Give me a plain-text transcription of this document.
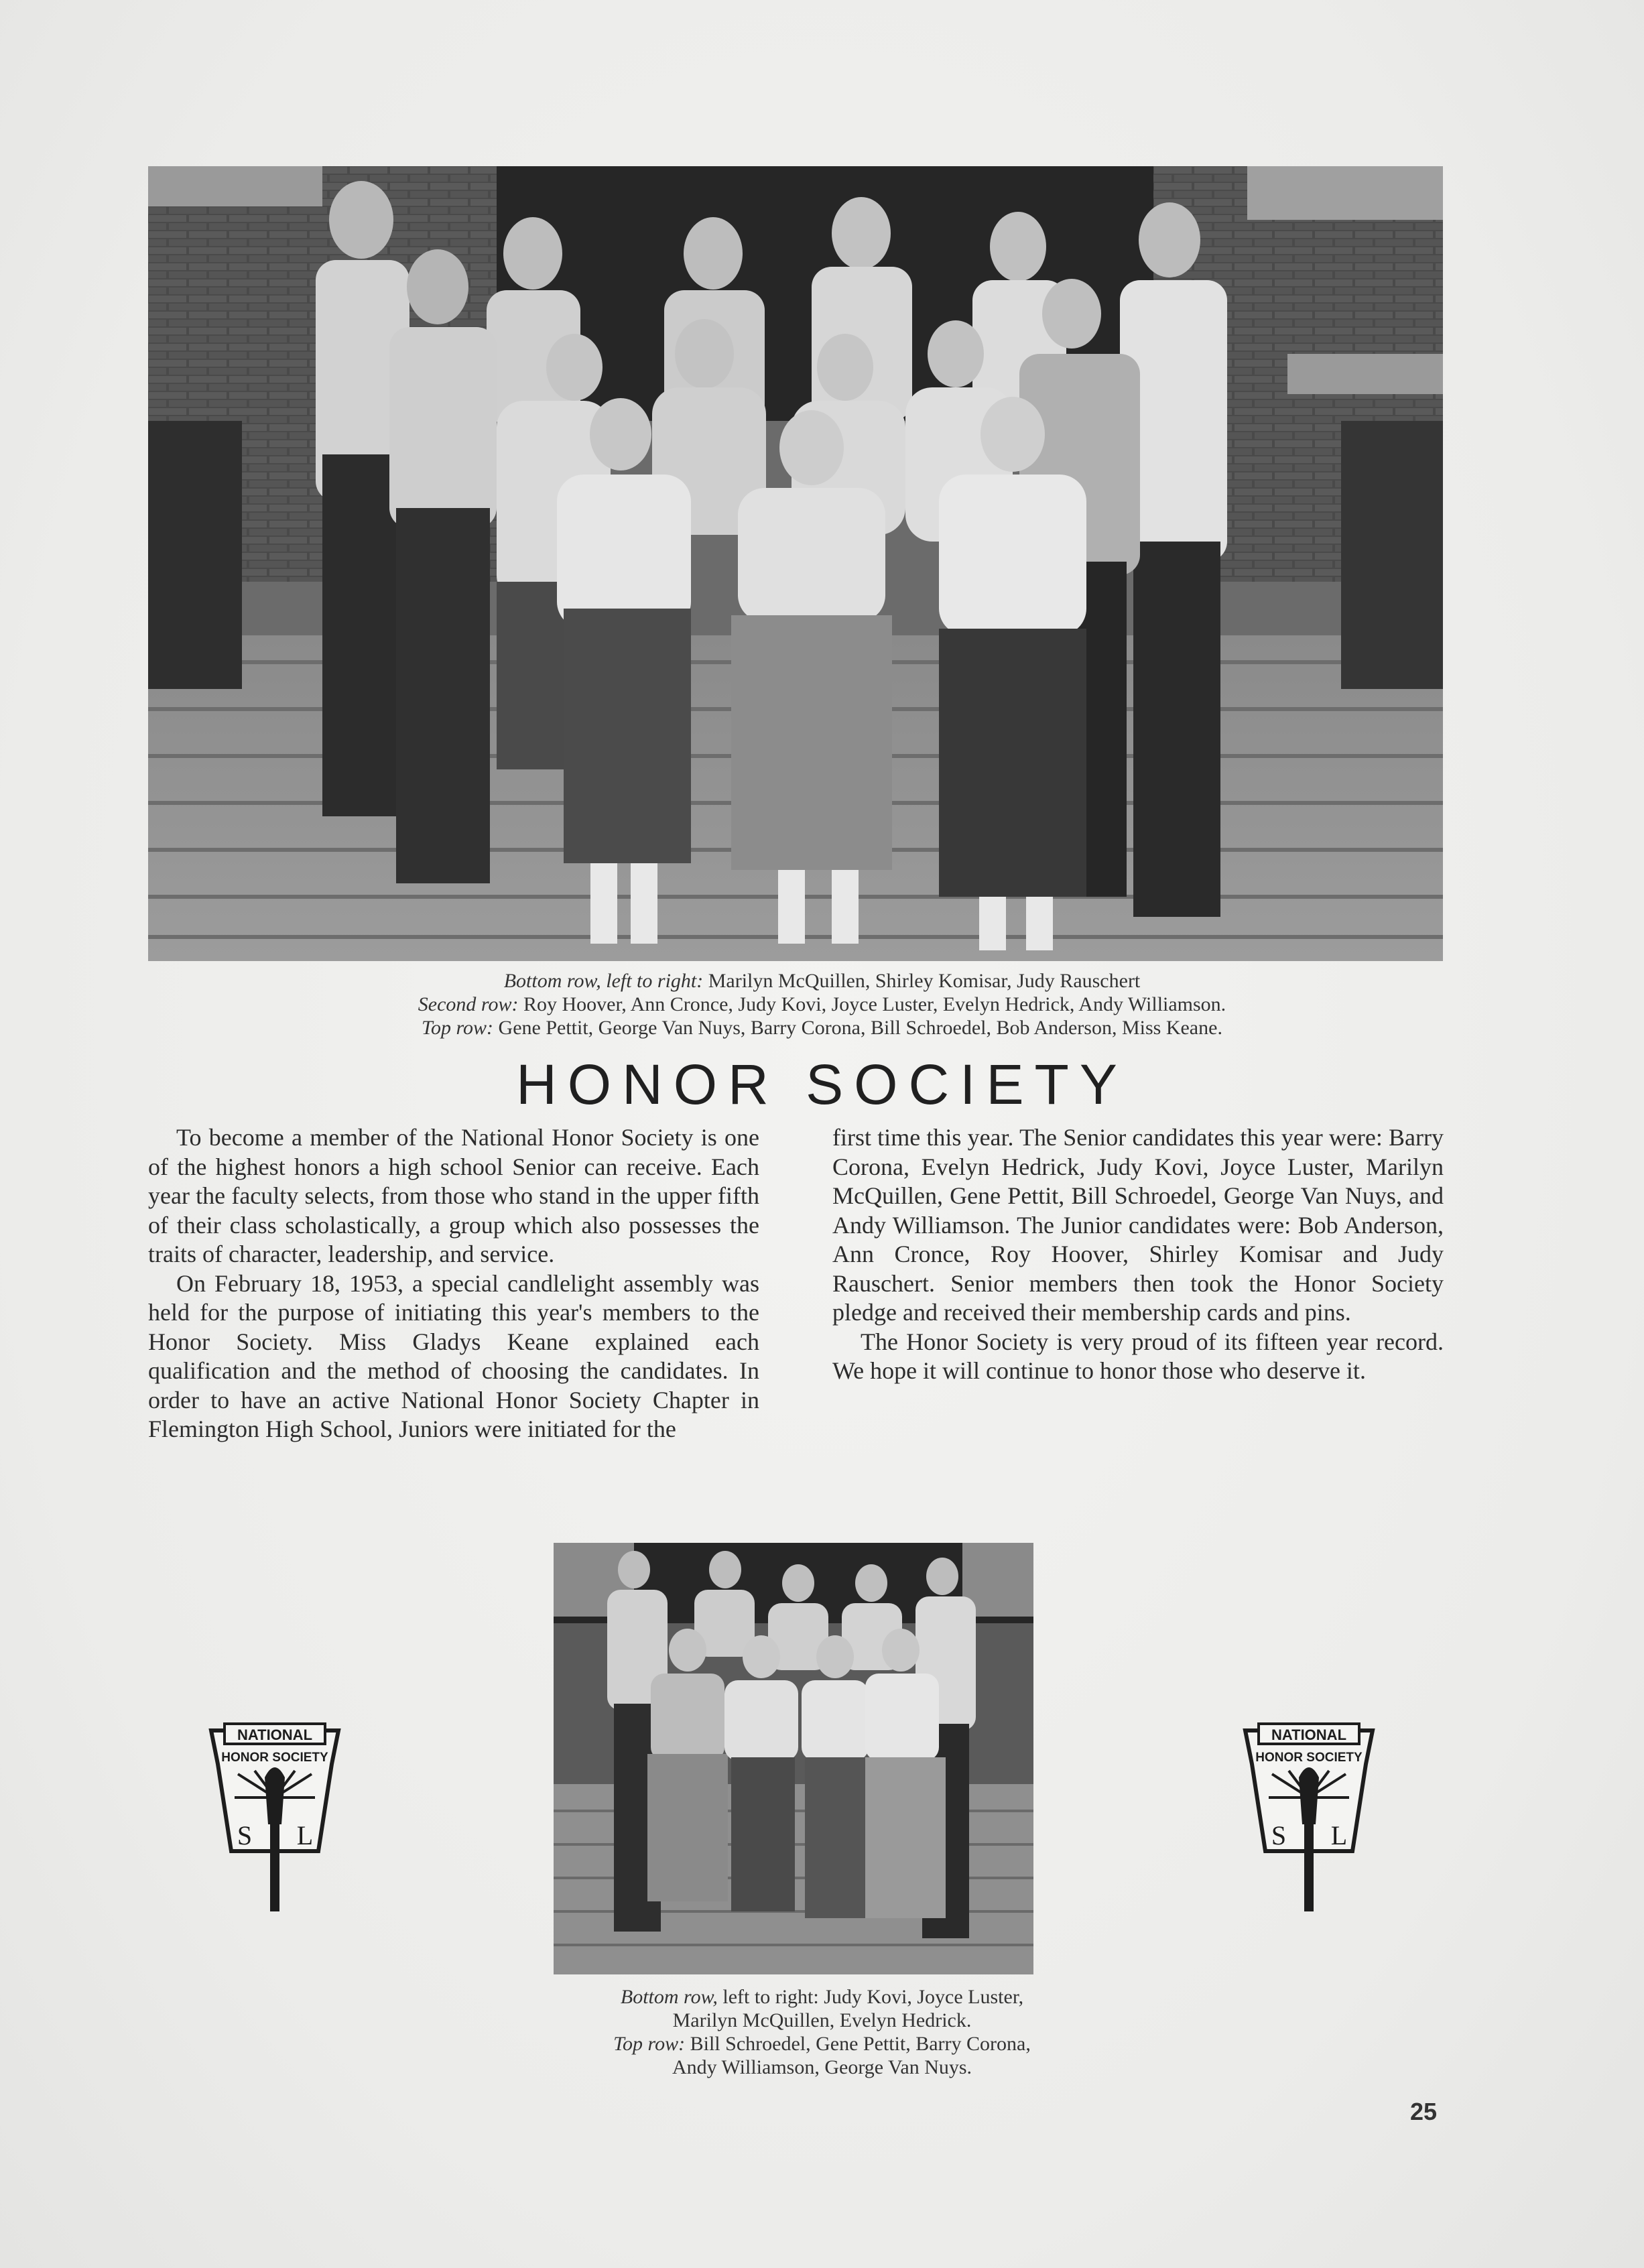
Bottom row, left to right: Marilyn McQuillen, Shirley Komisar, Judy Rauschert
Second row: Roy Hoover, Ann Cronce, Judy Kovi, Joyce Luster, Evelyn Hedrick, Andy Williamson.
Top row: Gene Pettit, George Van Nuys, Barry Corona, Bill Schroedel, Bob Anderson, Miss Keane.
HONOR SOCIETY

To become a member of the National Honor Society is one of the highest honors a high school Senior can receive. Each year the faculty selects, from those who stand in the upper fifth of their class scholastically, a group which also possesses the traits of character, leadership, and service.

On February 18, 1953, a special candlelight assembly was held for the purpose of initiating this year's members to the Honor Society. Miss Gladys Keane explained each qualification and the method of choosing the candidates. In order to have an active National Honor Society Chapter in Flemington High School, Juniors were initiated for the

first time this year. The Senior candidates this year were: Barry Corona, Evelyn Hedrick, Judy Kovi, Joyce Luster, Marilyn McQuillen, Gene Pettit, Bill Schroedel, George Van Nuys, and Andy Williamson. The Junior candidates were: Bob Anderson, Ann Cronce, Roy Hoover, Shirley Komisar and Judy Rauschert. Senior members then took the Honor Society pledge and received their membership cards and pins.

The Honor Society is very proud of its fifteen year record. We hope it will continue to honor those who deserve it.

NATIONAL
HONOR SOCIETY
S L
NATIONAL
HONOR SOCIETY
S L
Bottom row, left to right: Judy Kovi, Joyce Luster,
Marilyn McQuillen, Evelyn Hedrick.
Top row: Bill Schroedel, Gene Pettit, Barry Corona,
Andy Williamson, George Van Nuys.
25
